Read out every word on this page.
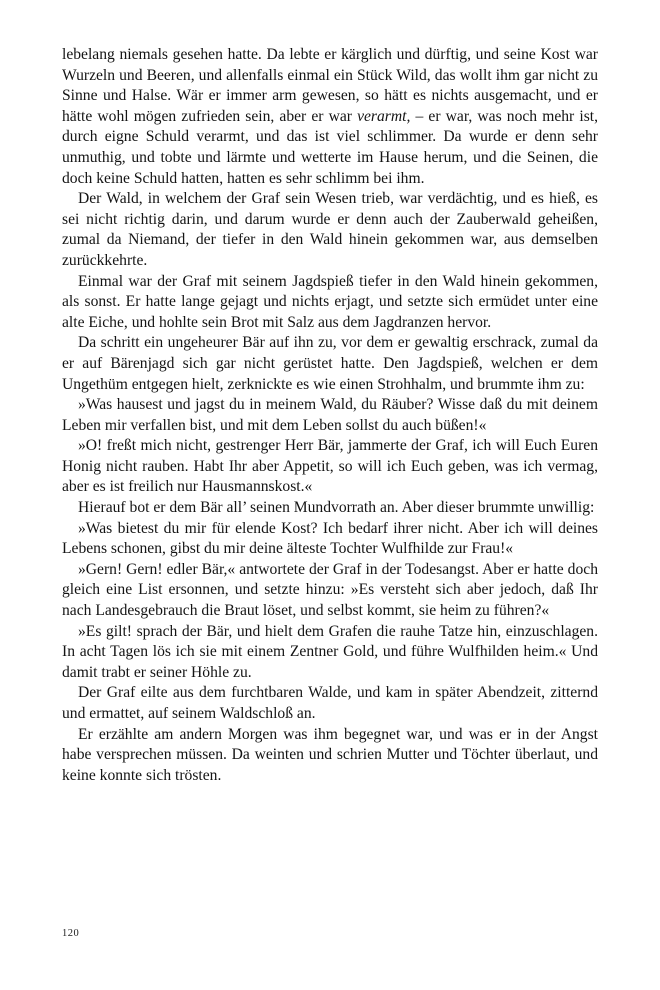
lebelang niemals gesehen hatte. Da lebte er kärglich und dürftig, und seine Kost war Wurzeln und Beeren, und allenfalls einmal ein Stück Wild, das wollt ihm gar nicht zu Sinne und Halse. Wär er immer arm gewesen, so hätt es nichts ausgemacht, und er hätte wohl mögen zufrieden sein, aber er war verarmt, – er war, was noch mehr ist, durch eigne Schuld verarmt, und das ist viel schlimmer. Da wurde er denn sehr unmuthig, und tobte und lärmte und wetterte im Hause herum, und die Seinen, die doch keine Schuld hatten, hatten es sehr schlimm bei ihm.

Der Wald, in welchem der Graf sein Wesen trieb, war verdächtig, und es hieß, es sei nicht richtig darin, und darum wurde er denn auch der Zauberwald geheißen, zumal da Niemand, der tiefer in den Wald hinein gekommen war, aus demselben zurückkehrte.

Einmal war der Graf mit seinem Jagdspieß tiefer in den Wald hinein gekommen, als sonst. Er hatte lange gejagt und nichts erjagt, und setzte sich ermüdet unter eine alte Eiche, und hohlte sein Brot mit Salz aus dem Jagdranzen hervor.

Da schritt ein ungeheurer Bär auf ihn zu, vor dem er gewaltig erschrack, zumal da er auf Bärenjagd sich gar nicht gerüstet hatte. Den Jagdspieß, welchen er dem Ungethüm entgegen hielt, zerknickte es wie einen Strohhalm, und brummte ihm zu:

»Was hausest und jagst du in meinem Wald, du Räuber? Wisse daß du mit deinem Leben mir verfallen bist, und mit dem Leben sollst du auch büßen!«

»O! freßt mich nicht, gestrenger Herr Bär, jammerte der Graf, ich will Euch Euren Honig nicht rauben. Habt Ihr aber Appetit, so will ich Euch geben, was ich vermag, aber es ist freilich nur Hausmannskost.«

Hierauf bot er dem Bär all’ seinen Mundvorrath an. Aber dieser brummte unwillig:

»Was bietest du mir für elende Kost? Ich bedarf ihrer nicht. Aber ich will deines Lebens schonen, gibst du mir deine älteste Tochter Wulfhilde zur Frau!«

»Gern! Gern! edler Bär,« antwortete der Graf in der Todesangst. Aber er hatte doch gleich eine List ersonnen, und setzte hinzu: »Es versteht sich aber jedoch, daß Ihr nach Landesgebrauch die Braut löset, und selbst kommt, sie heim zu führen?«

»Es gilt! sprach der Bär, und hielt dem Grafen die rauhe Tatze hin, einzuschlagen. In acht Tagen lös ich sie mit einem Zentner Gold, und führe Wulfhilden heim.« Und damit trabt er seiner Höhle zu.

Der Graf eilte aus dem furchtbaren Walde, und kam in später Abendzeit, zitternd und ermattet, auf seinem Waldschloß an.

Er erzählte am andern Morgen was ihm begegnet war, und was er in der Angst habe versprechen müssen. Da weinten und schrien Mutter und Töchter überlaut, und keine konnte sich trösten.

120
